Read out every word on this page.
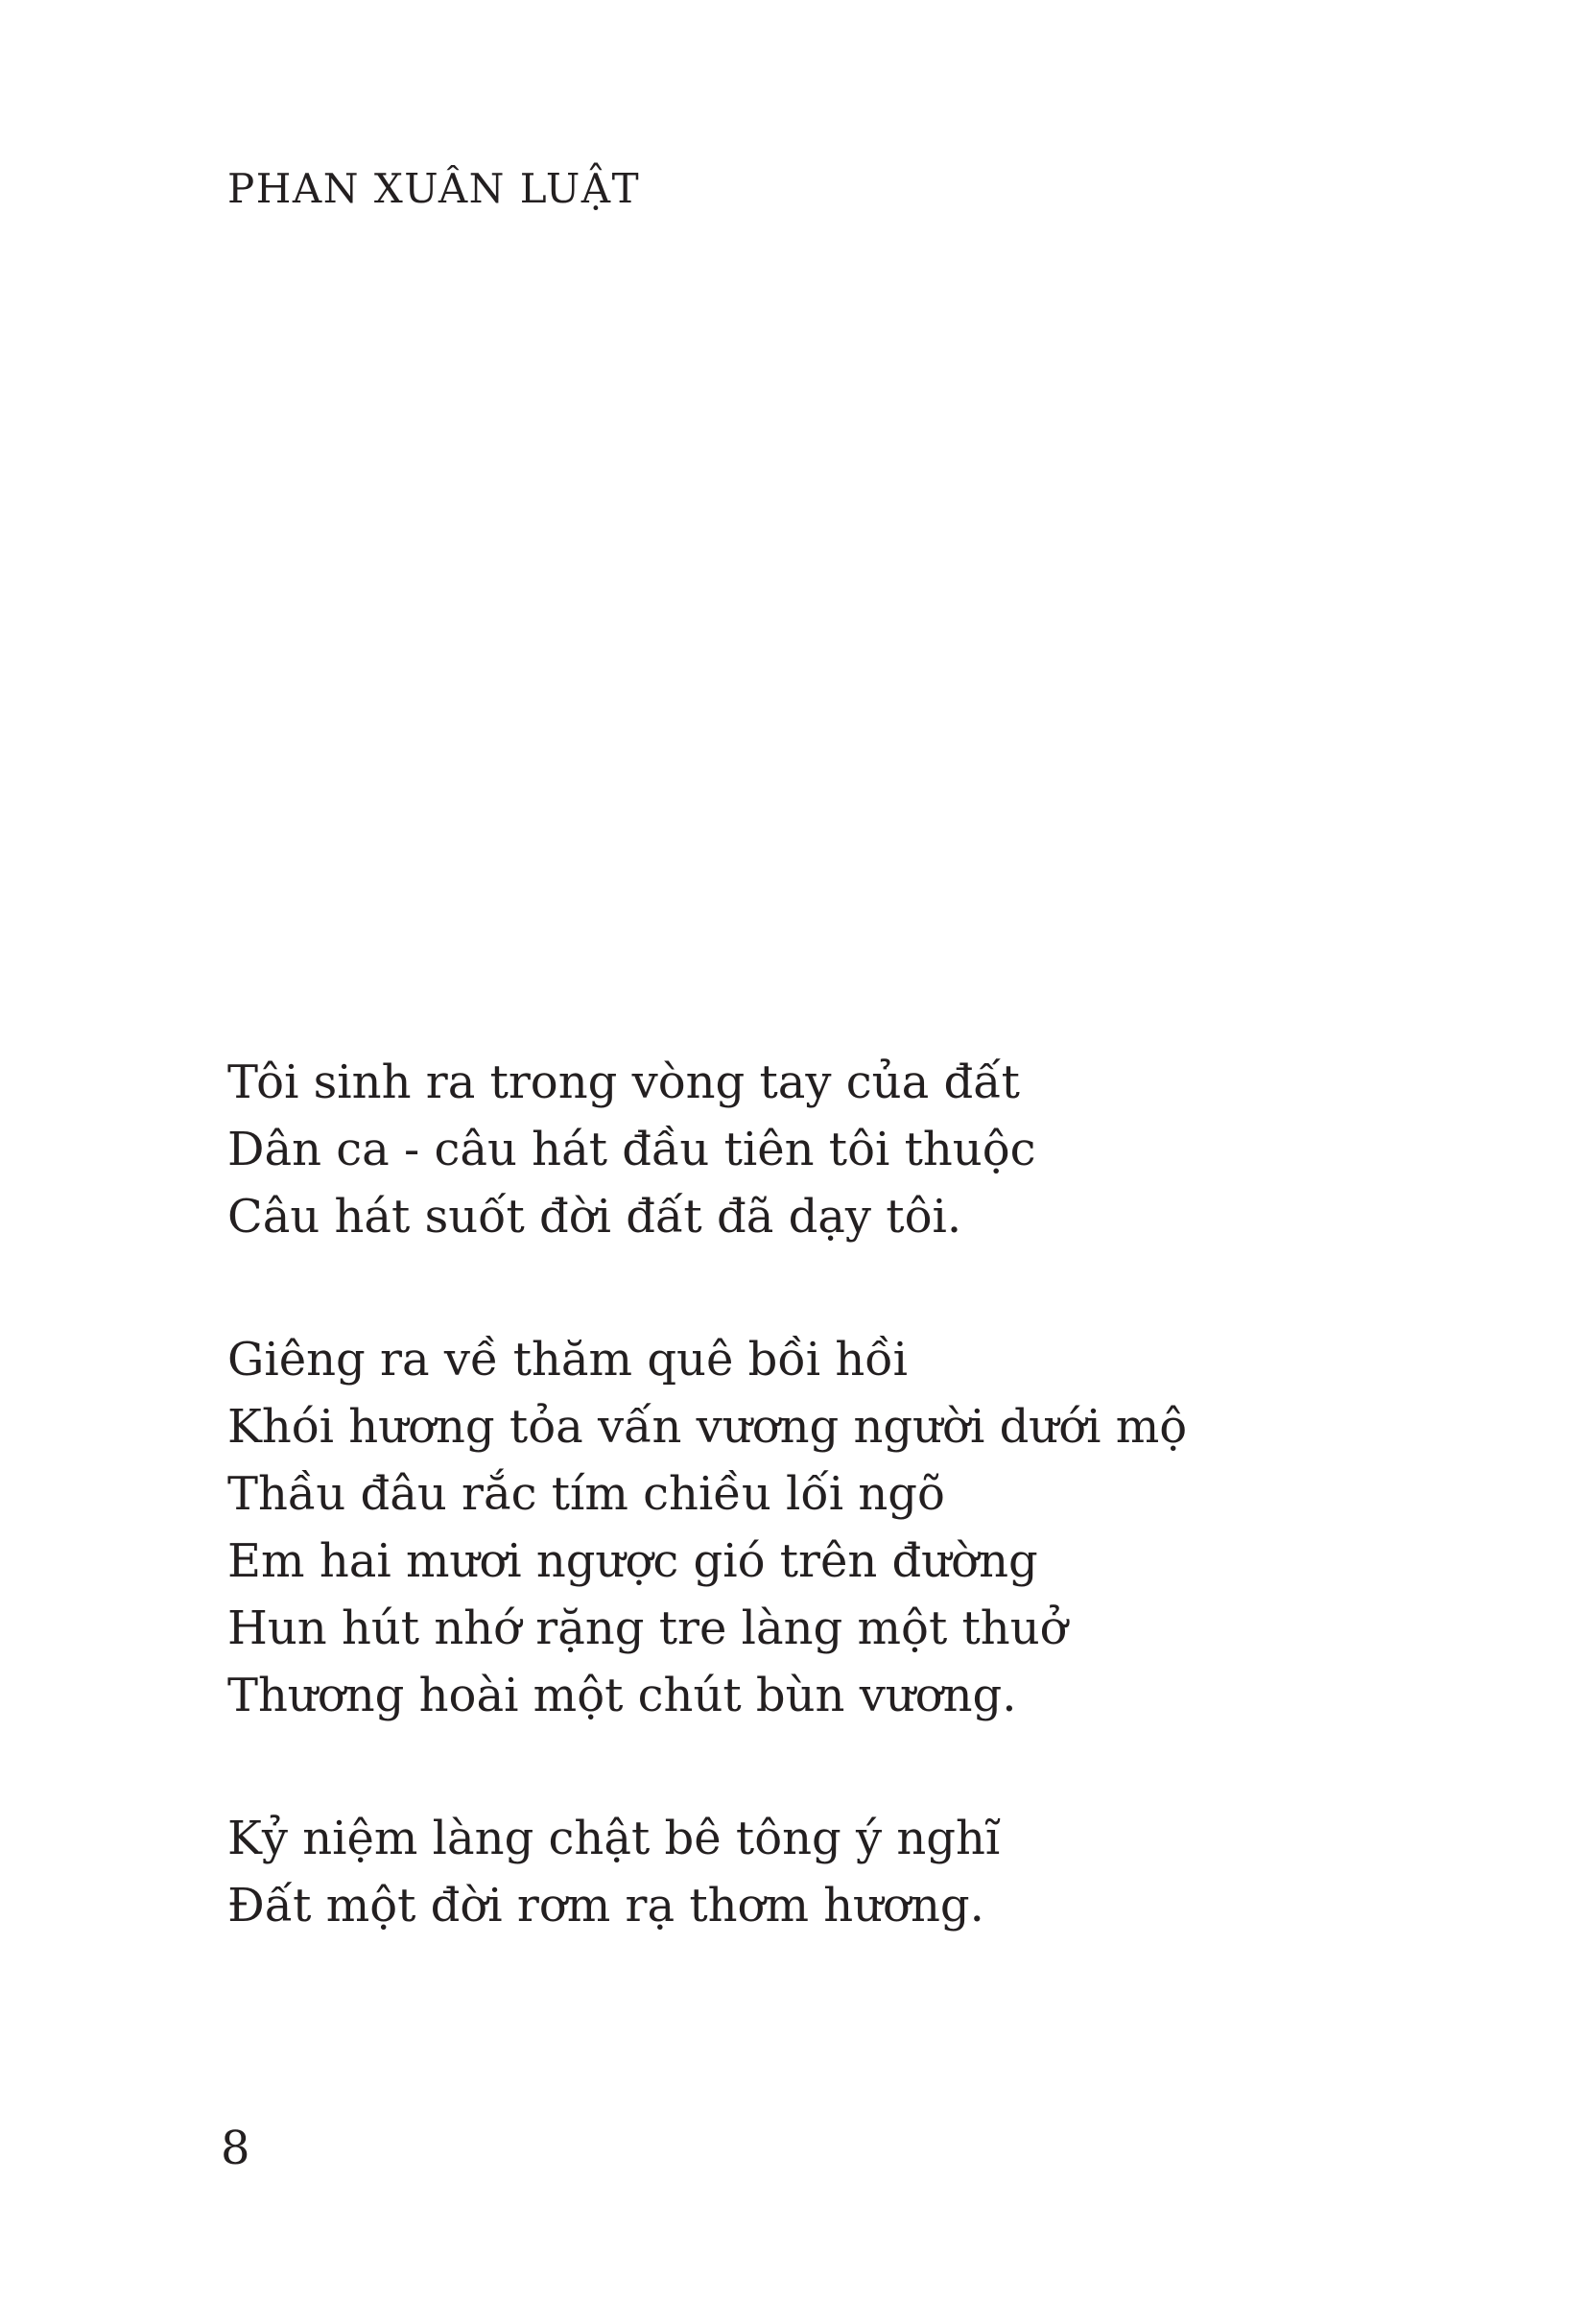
PHAN XUÂN LUẬT
Tôi sinh ra trong vòng tay của đất
Dân ca - câu hát đầu tiên tôi thuộc
Câu hát suốt đời đất đã dạy tôi.
Giêng ra về thăm quê bồi hồi
Khói hương tỏa vấn vương người dưới mộ
Thầu đâu rắc tím chiều lối ngõ
Em hai mươi ngược gió trên đường
Hun hút nhớ rặng tre làng một thuở
Thương hoài một chút bùn vương.
Kỷ niệm làng chật bê tông ý nghĩ
Đất một đời rơm rạ thơm hương.
8
